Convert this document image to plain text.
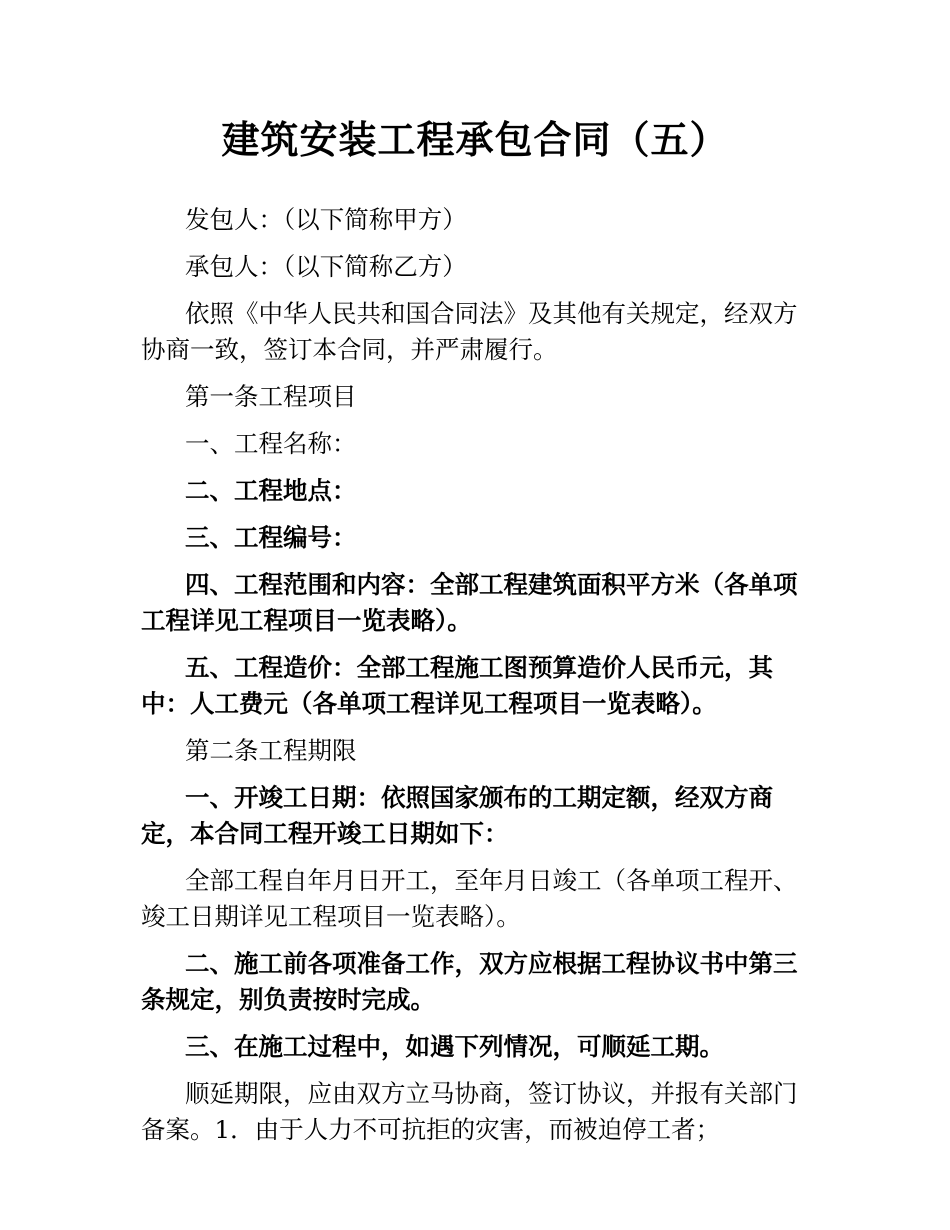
建筑安装工程承包合同（五）

发包人：（以下简称甲方）

承包人：（以下简称乙方）

依照《中华人民共和国合同法》及其他有关规定，经双方协商一致，签订本合同，并严肃履行。

第一条工程项目

一、工程名称：

二、工程地点：

三、工程编号：

四、工程范围和内容：全部工程建筑面积平方米（各单项工程详见工程项目一览表略）。

五、工程造价：全部工程施工图预算造价人民币元，其中：人工费元（各单项工程详见工程项目一览表略）。

第二条工程期限

一、开竣工日期：依照国家颁布的工期定额，经双方商定，本合同工程开竣工日期如下：

全部工程自年月日开工，至年月日竣工（各单项工程开、竣工日期详见工程项目一览表略）。

二、施工前各项准备工作，双方应根据工程协议书中第三条规定，别负责按时完成。

三、在施工过程中，如遇下列情况，可顺延工期。

顺延期限，应由双方立马协商，签订协议，并报有关部门备案。1．由于人力不可抗拒的灾害，而被迫停工者；
